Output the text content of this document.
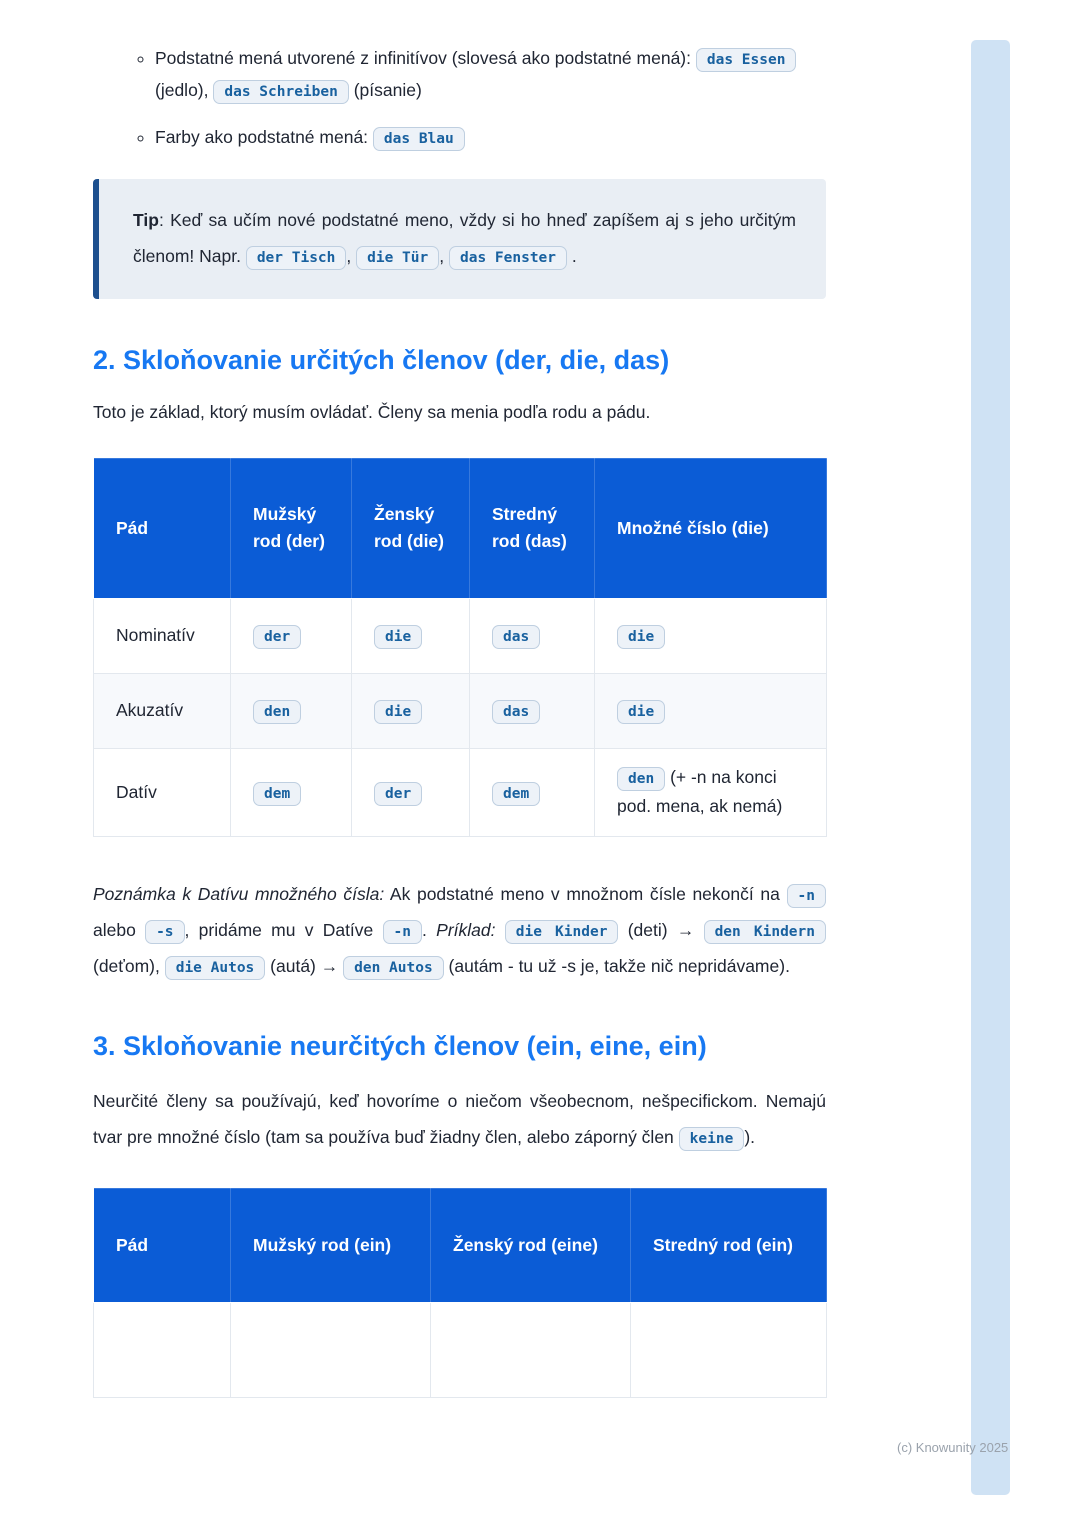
◦ Podstatné mená utvorené z infinitívov (slovesá ako podstatné mená): das Essen (jedlo), das Schreiben (písanie)
◦ Farby ako podstatné mená: das Blau

Tip: Keď sa učím nové podstatné meno, vždy si ho hneď zapíšem aj s jeho určitým členom! Napr. der Tisch , die Tür , das Fenster .

2. Skloňovanie určitých členov (der, die, das)

Toto je základ, ktorý musím ovládať. Členy sa menia podľa rodu a pádu.

Pád	Mužský rod (der)	Ženský rod (die)	Stredný rod (das)	Množné číslo (die)
Nominatív	der	die	das	die
Akuzatív	den	die	das	die
Datív	dem	der	dem	den (+ -n na konci pod. mena, ak nemá)

Poznámka k Datívu množného čísla: Ak podstatné meno v množnom čísle nekončí na -n alebo -s , pridáme mu v Datíve -n . Príklad: die Kinder (deti) → den Kindern (deťom), die Autos (autá) → den Autos (autám - tu už -s je, takže nič nepridávame).

3. Skloňovanie neurčitých členov (ein, eine, ein)

Neurčité členy sa používajú, keď hovoríme o niečom všeobecnom, nešpecifickom. Nemajú tvar pre množné číslo (tam sa používa buď žiadny člen, alebo záporný člen keine ).

Pád	Mužský rod (ein)	Ženský rod (eine)	Stredný rod (ein)

(c) Knowunity 2025
